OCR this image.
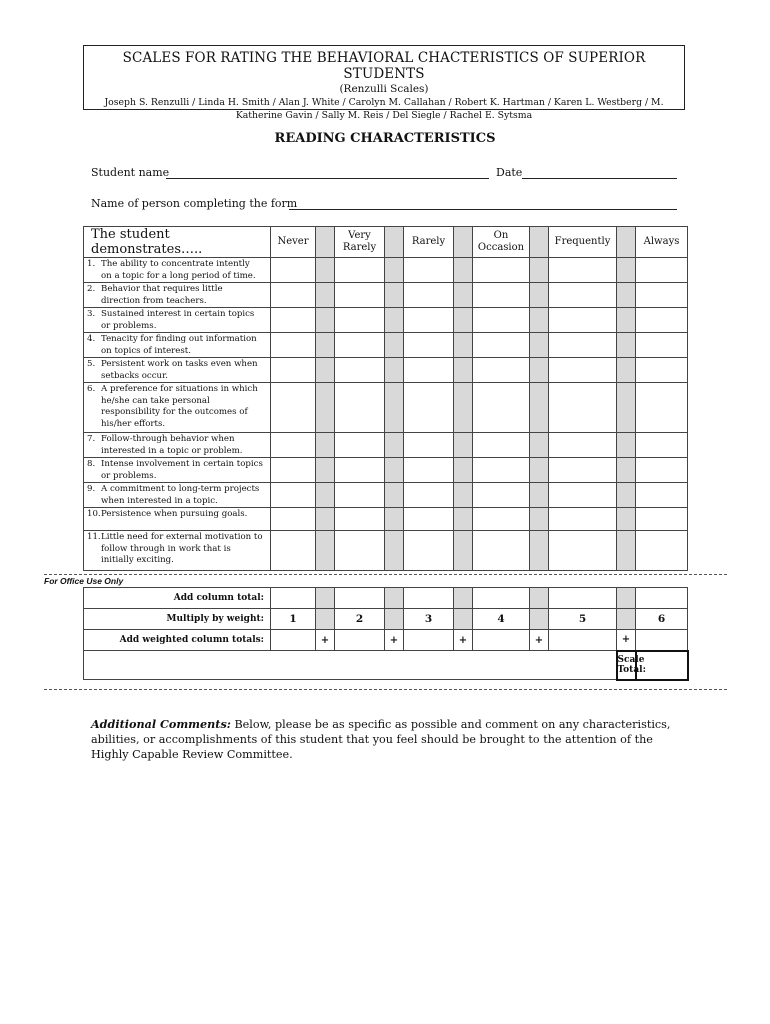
SCALES FOR RATING THE BEHAVIORAL CHACTERISTICS OF SUPERIOR STUDENTS
(Renzulli Scales)
Joseph S. Renzulli / Linda H. Smith / Alan J. White / Carolyn M. Callahan / Robert K. Hartman / Karen L. Westberg / M. Katherine Gavin / Sally M. Reis / Del Siegle / Rachel E. Sytsma
READING CHARACTERISTICS
Student name	Date
Name of person completing the form
The student demonstrates…..	Never		Very Rarely		Rarely		On Occasion		Frequently		Always
1. The ability to concentrate intently on a topic for a long period of time.											
2. Behavior that requires little direction from teachers.											
3. Sustained interest in certain topics or problems.											
4. Tenacity for finding out information on topics of interest.											
5. Persistent work on tasks even when setbacks occur.											
6. A preference for situations in which he/she can take personal responsibility for the outcomes of his/her efforts.											
7. Follow-through behavior when interested in a topic or problem.											
8. Intense involvement in certain topics or problems.											
9. A commitment to long-term projects when interested in a topic.											
10.Persistence when pursuing goals.											
11.Little need for external motivation to follow through in work that is initially exciting.											
For Office Use Only
Add column total:											
Multiply by weight:	1		2		3		4		5		6
Add weighted column totals:		+		+		+		+		+	
										Scale Total:	
Additional Comments: Below, please be as specific as possible and comment on any characteristics, abilities, or accomplishments of this student that you feel should be brought to the attention of the Highly Capable Review Committee.
